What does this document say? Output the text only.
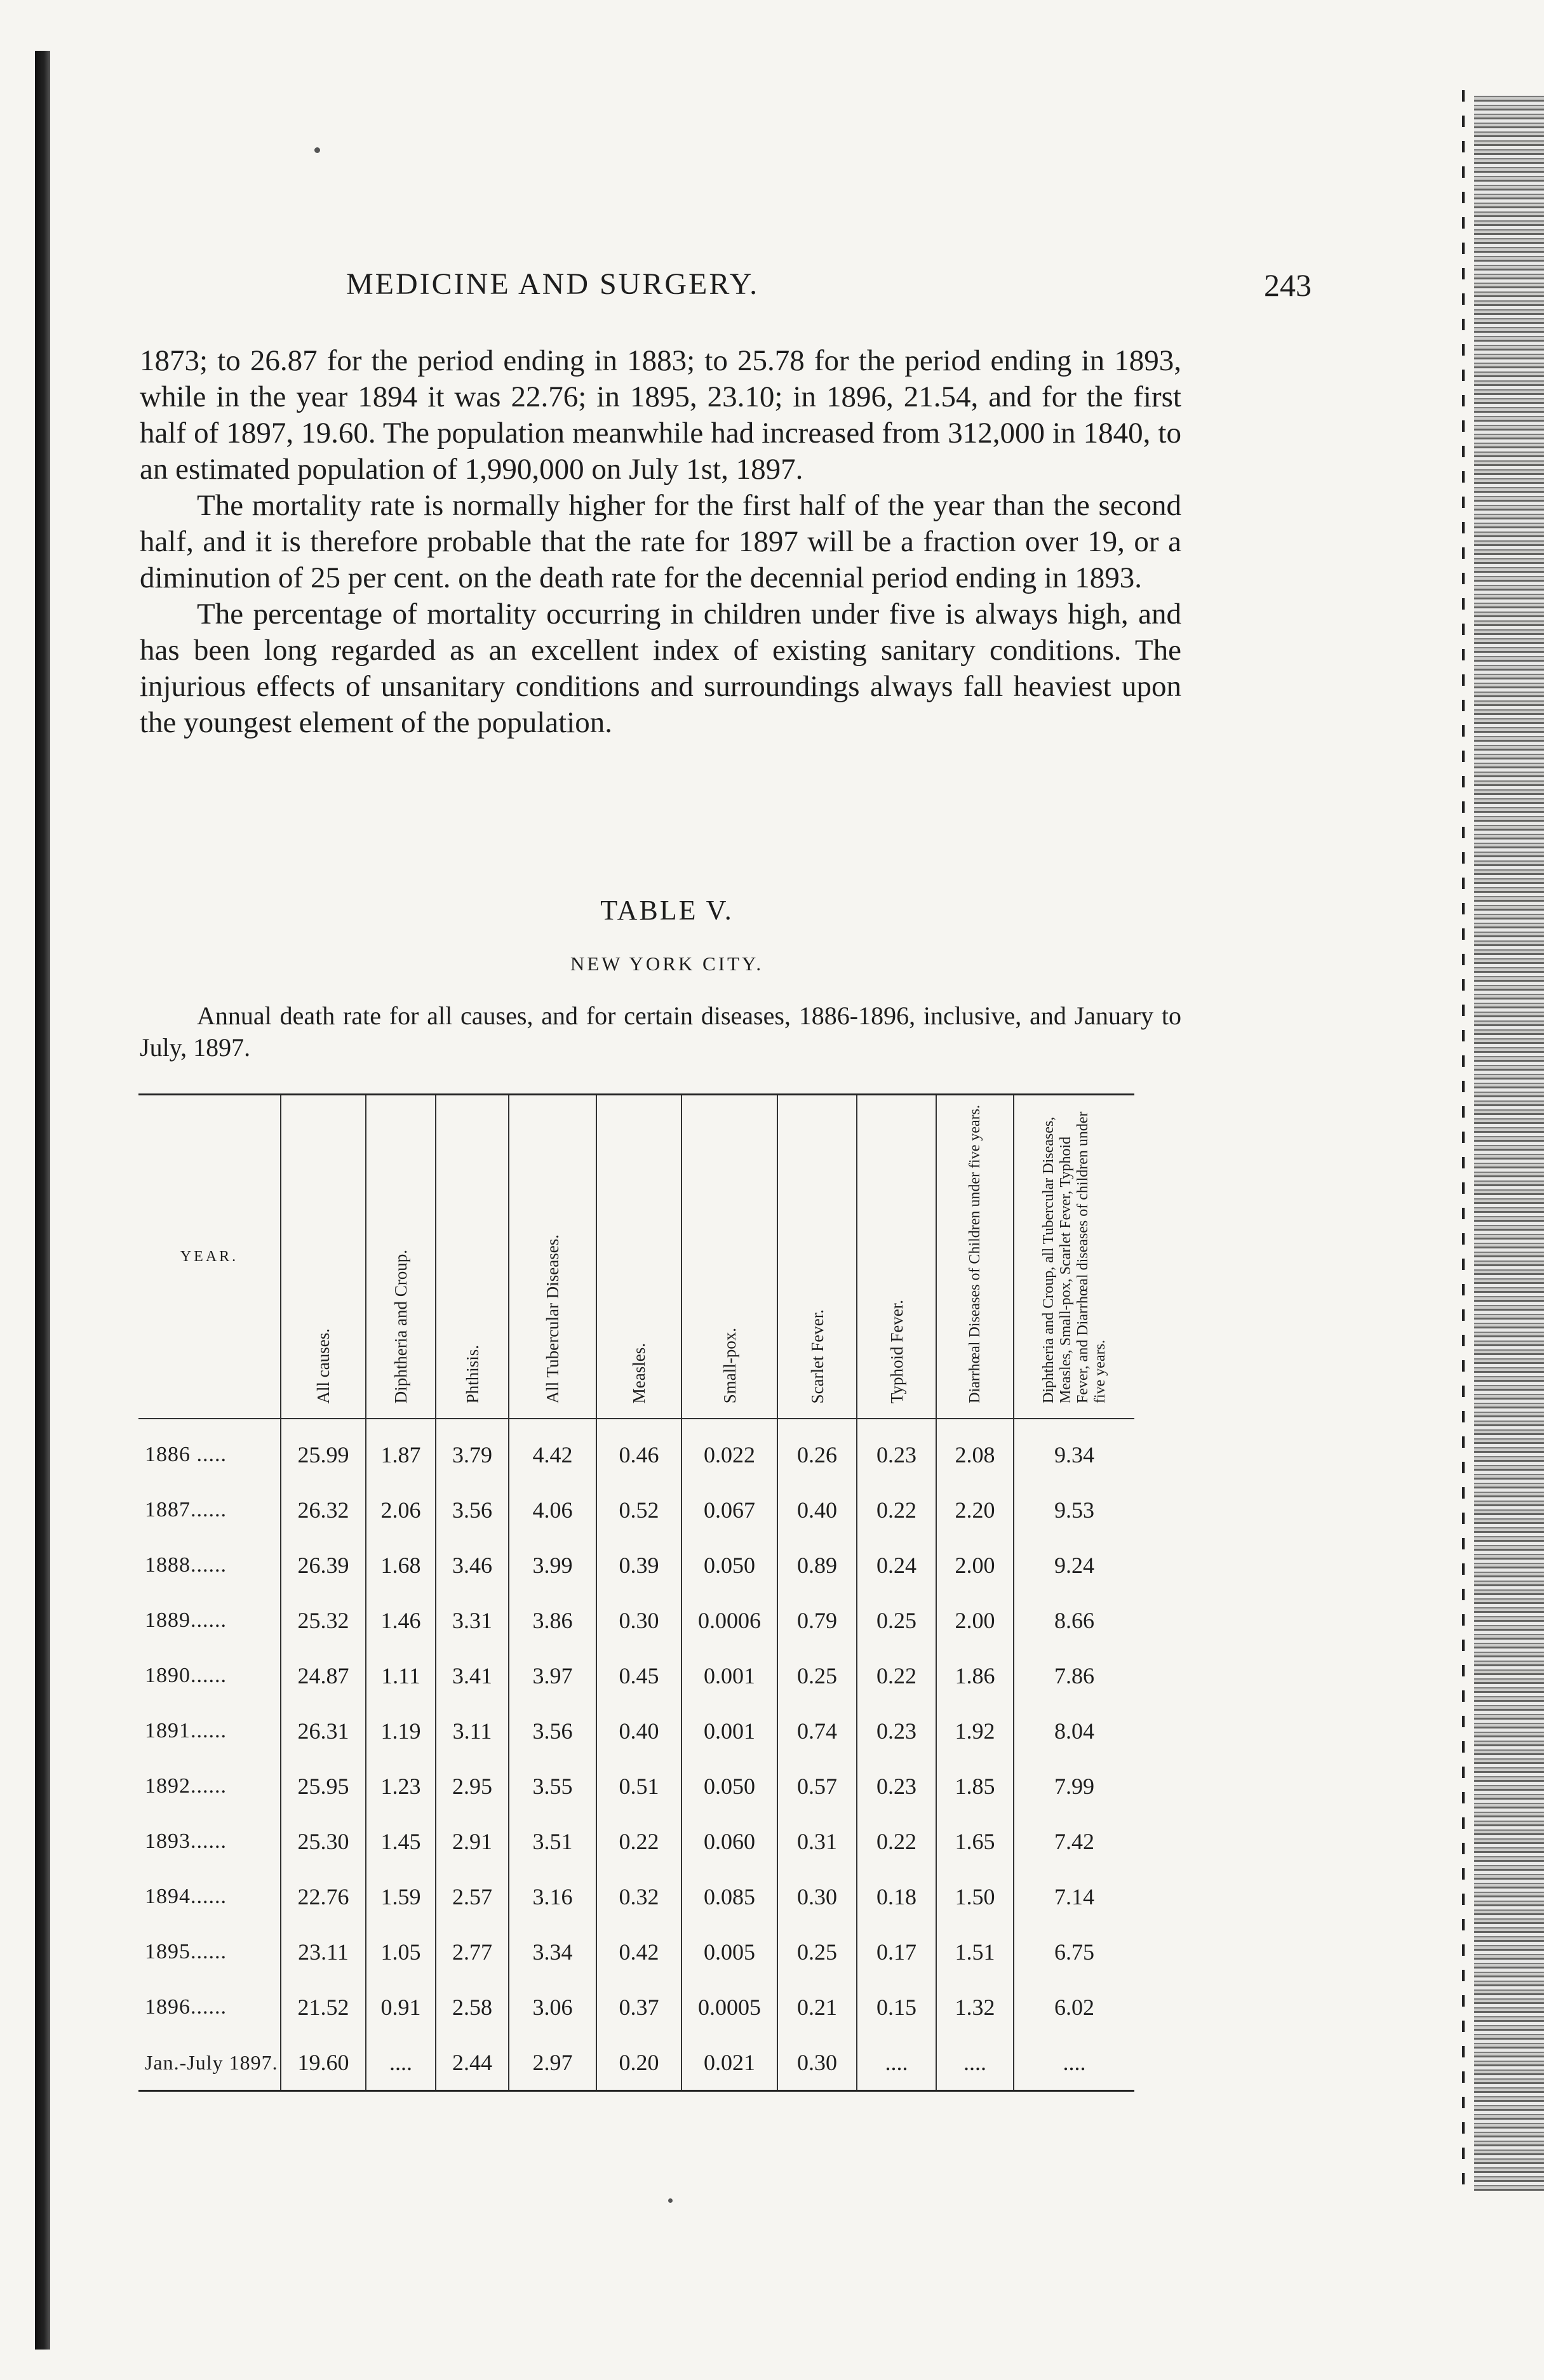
MEDICINE AND SURGERY.	243

1873; to 26.87 for the period ending in 1883; to 25.78 for the period ending in 1893, while in the year 1894 it was 22.76; in 1895, 23.10; in 1896, 21.54, and for the first half of 1897, 19.60. The population meanwhile had increased from 312,000 in 1840, to an estimated population of 1,990,000 on July 1st, 1897.

The mortality rate is normally higher for the first half of the year than the second half, and it is therefore probable that the rate for 1897 will be a fraction over 19, or a diminution of 25 per cent. on the death rate for the decennial period ending in 1893.

The percentage of mortality occurring in children under five is always high, and has been long regarded as an excellent index of existing sanitary conditions. The injurious effects of unsanitary conditions and surroundings always fall heaviest upon the youngest element of the population.

TABLE V.
NEW YORK CITY.
Annual death rate for all causes, and for certain diseases, 1886-1896, inclusive, and January to July, 1897.
YEAR.	All causes.	Diphtheria and Croup.	Phthisis.	All Tubercular Diseases.	Measles.	Small-pox.	Scarlet Fever.	Typhoid Fever.	Diarrhœal Diseases of Children under five years.	Diphtheria and Croup, all Tubercular Diseases, Measles, Small-pox, Scarlet Fever, Typhoid Fever, and Diarrhœal diseases of children under five years.
1886 .....	25.99	1.87	3.79	4.42	0.46	0.022	0.26	0.23	2.08	9.34
1887......	26.32	2.06	3.56	4.06	0.52	0.067	0.40	0.22	2.20	9.53
1888......	26.39	1.68	3.46	3.99	0.39	0.050	0.89	0.24	2.00	9.24
1889......	25.32	1.46	3.31	3.86	0.30	0.0006	0.79	0.25	2.00	8.66
1890......	24.87	1.11	3.41	3.97	0.45	0.001	0.25	0.22	1.86	7.86
1891......	26.31	1.19	3.11	3.56	0.40	0.001	0.74	0.23	1.92	8.04
1892......	25.95	1.23	2.95	3.55	0.51	0.050	0.57	0.23	1.85	7.99
1893......	25.30	1.45	2.91	3.51	0.22	0.060	0.31	0.22	1.65	7.42
1894......	22.76	1.59	2.57	3.16	0.32	0.085	0.30	0.18	1.50	7.14
1895......	23.11	1.05	2.77	3.34	0.42	0.005	0.25	0.17	1.51	6.75
1896......	21.52	0.91	2.58	3.06	0.37	0.0005	0.21	0.15	1.32	6.02
Jan.-July 1897.	19.60	....	2.44	2.97	0.20	0.021	0.30	....	....	....
